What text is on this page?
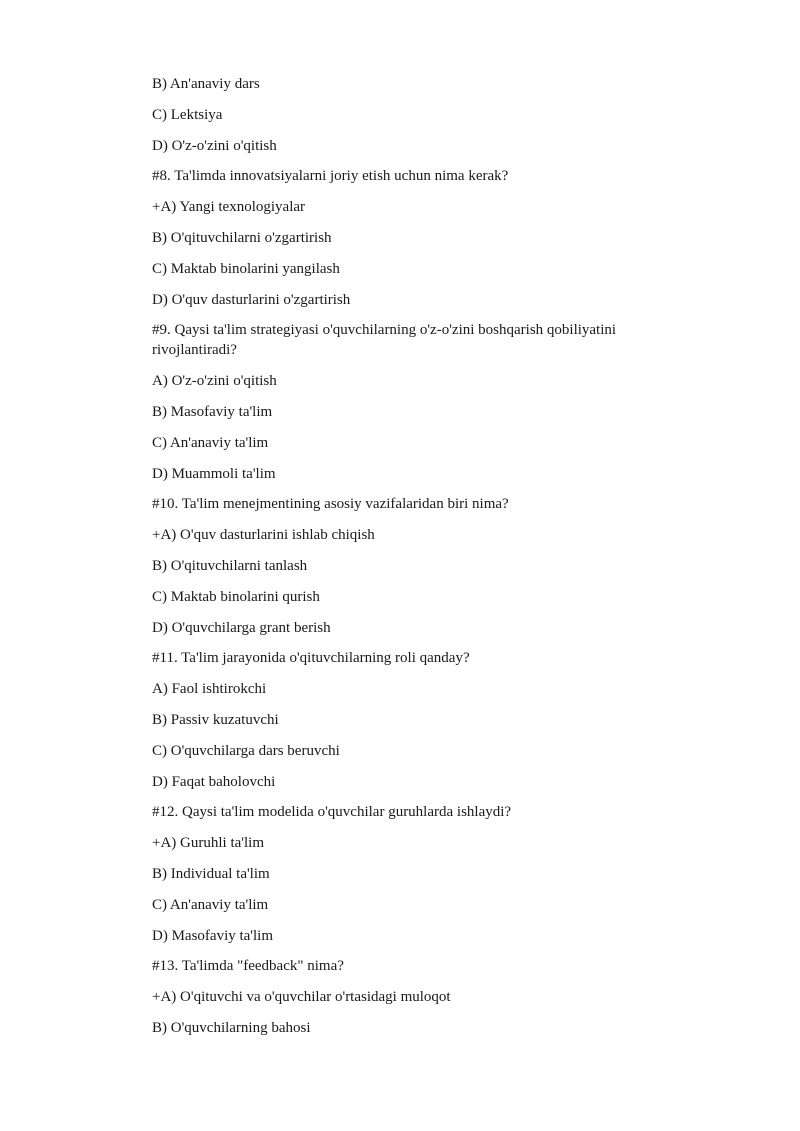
B) An'anaviy dars

C) Lektsiya

D) O'z-o'zini o'qitish

#8. Ta'limda innovatsiyalarni joriy etish uchun nima kerak?

+A) Yangi texnologiyalar

B) O'qituvchilarni o'zgartirish

C) Maktab binolarini yangilash

D) O'quv dasturlarini o'zgartirish

#9. Qaysi ta'lim strategiyasi o'quvchilarning o'z-o'zini boshqarish qobiliyatini rivojlantiradi?

A) O'z-o'zini o'qitish

B) Masofaviy ta'lim

C) An'anaviy ta'lim

D) Muammoli ta'lim

#10. Ta'lim menejmentining asosiy vazifalaridan biri nima?

+A) O'quv dasturlarini ishlab chiqish

B) O'qituvchilarni tanlash

C) Maktab binolarini qurish

D) O'quvchilarga grant berish

#11. Ta'lim jarayonida o'qituvchilarning roli qanday?

A) Faol ishtirokchi

B) Passiv kuzatuvchi

C) O'quvchilarga dars beruvchi

D) Faqat baholovchi

#12. Qaysi ta'lim modelida o'quvchilar guruhlarda ishlaydi?

+A) Guruhli ta'lim

B) Individual ta'lim

C) An'anaviy ta'lim

D) Masofaviy ta'lim

#13. Ta'limda "feedback" nima?

+A) O'qituvchi va o'quvchilar o'rtasidagi muloqot

B) O'quvchilarning bahosi
